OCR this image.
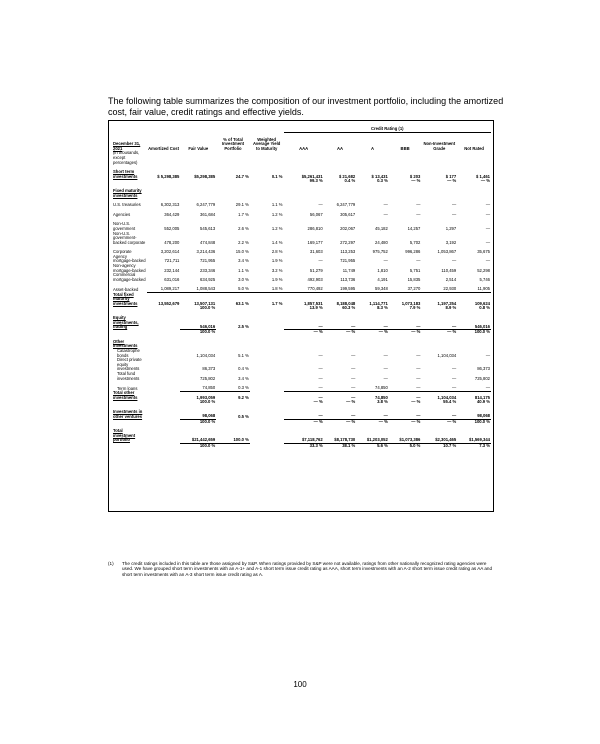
The following table summarizes the composition of our investment portfolio, including the amortized cost, fair value, credit ratings and effective yields.
					Credit Rating (1)					

December 31, 2021	Amortized Cost	Fair Value	% of Total Investment Portfolio	Weighted Average Yield to Maturity	AAA	AA	A	BBB	Non-Investment Grade	Not Rated
(in thousands, except percentages)										

Short term investments	$ 5,298,385	$5,298,385	24.7 %	0.1 %	$5,261,431	$ 21,682	$ 13,431	$ 203	$ 177	$ 1,461
					99.3 %	0.4 %	0.3 %	— %	— %	— %

Fixed maturity investments										

U.S. treasuries	6,302,313	6,247,779	29.1 %	1.1 %	—	6,247,779	—	—	—	—

Agencies	364,429	361,684	1.7 %	1.2 %	56,067	305,617	—	—	—	—

Non-U.S. government	552,005	545,613	2.6 %	1.2 %	286,810	202,067	45,182	14,257	1,297	—
Non-U.S. government-backed corporate	478,200	474,848	2.2 %	1.4 %	169,177	272,297	24,480	5,702	3,192	—

Corporate	3,202,614	3,214,436	15.0 %	2.8 %	31,603	113,253	975,752	996,286	1,053,867	35,675
Agency mortgage-backed	721,711	721,955	3.4 %	1.9 %	—	721,955	—	—	—	—
Non-agency mortgage-backed	232,144	233,346	1.1 %	3.2 %	51,279	11,749	1,810	5,751	110,459	52,298
Commercial mortgage-backed	631,016	634,925	3.0 %	1.9 %	492,903	113,736	4,191	15,835	2,514	5,746

Asset-backed	1,089,217	1,088,543	5.0 %	1.8 %	770,492	199,595	59,348	37,270	22,930	11,905
Total fixed maturity investments	13,552,679	13,507,131	63.1 %	1.7 %	1,857,531	8,188,048	1,114,771	1,073,183	1,197,254	109,624
		100.0 %			13.9 %	60.3 %	8.3 %	7.9 %	8.9 %	0.8 %

Equity investments, trading		546,016	2.5 %		—	—	—	—	—	546,016
		100.0 %			— %	— %	— %	— %	— %	100.0 %

Other investments										
Catastrophe bonds		1,104,034	5.1 %		—	—	—	—	1,104,034	—
Direct private equity investments		86,373	0.4 %		—	—	—	—	—	86,373
Total fund investments		725,802	3.4 %		—	—	—	—	—	725,802

Term loans		74,850	0.3 %		—	—	74,850	—	—	—
Total other investments		1,993,059	9.2 %		—	—	74,850	—	1,104,034	814,175
		100.0 %			— %	— %	3.8 %	— %	55.4 %	40.9 %

Investments in other ventures		98,068	0.5 %		—	—	—	—	—	98,068
		100.0 %			— %	— %	— %	— %	— %	100.0 %

Total investment portfolio		$21,442,659	100.0 %		$7,118,762	$8,178,730	$1,203,052	$1,073,386	$2,301,465	$1,569,344
		100.0 %			33.3 %	38.1 %	5.6 %	5.0 %	10.7 %	7.3 %
(1)	The credit ratings included in this table are those assigned by S&P. When ratings provided by S&P were not available, ratings from other nationally recognized rating agencies were used. We have grouped short term investments with an A-1+ and A-1 short term issue credit rating as AAA, short term investments with an A-2 short term issue credit rating as AA and short term investments with an A-3 short term issue credit rating as A.
100
